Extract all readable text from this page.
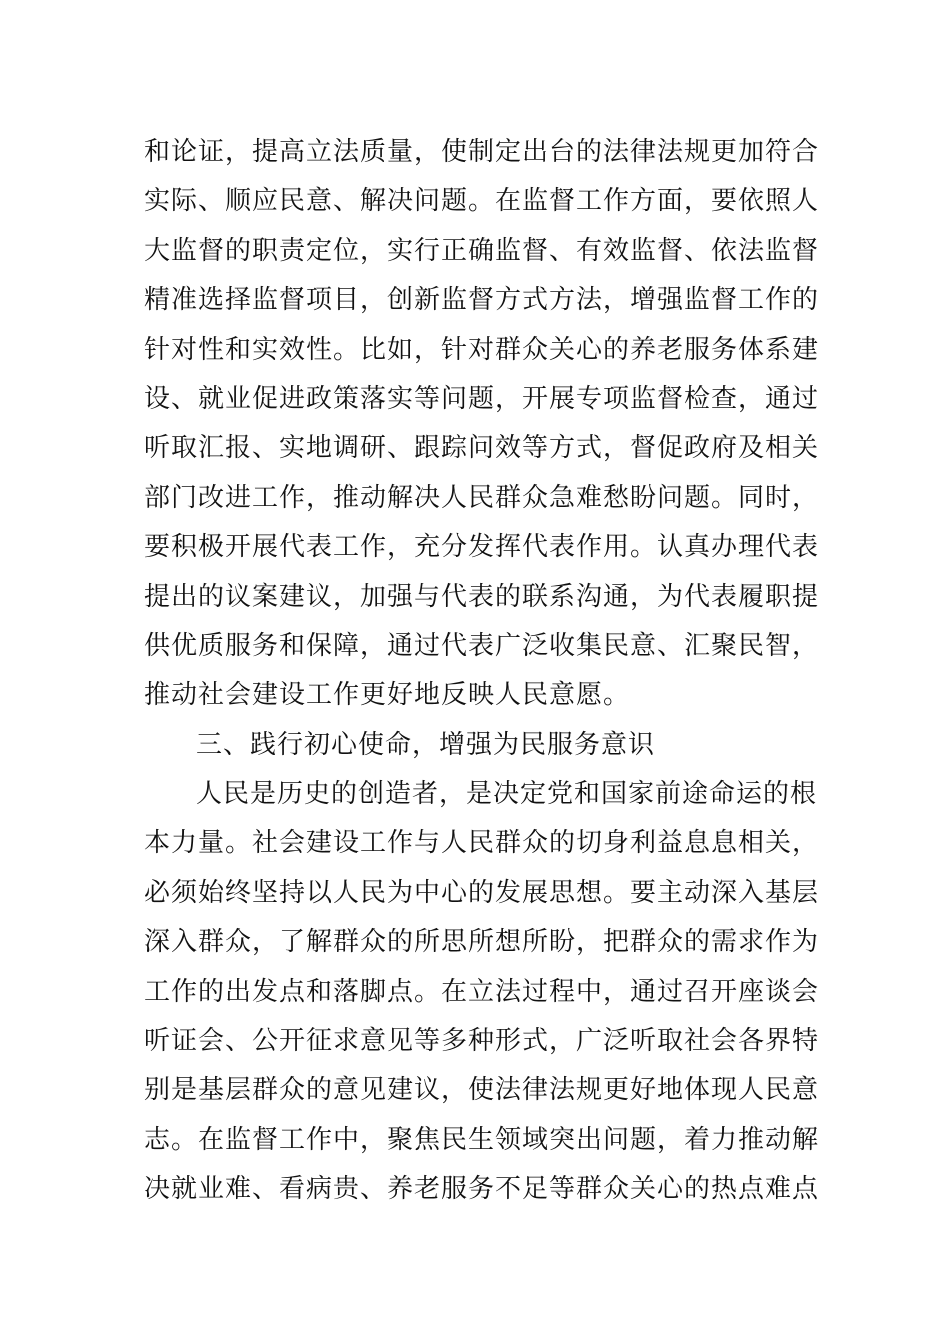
和论证，提高立法质量，使制定出台的法律法规更加符合
实际、顺应民意、解决问题。在监督工作方面，要依照人
大监督的职责定位，实行正确监督、有效监督、依法监督
精准选择监督项目，创新监督方式方法，增强监督工作的
针对性和实效性。比如，针对群众关心的养老服务体系建
设、就业促进政策落实等问题，开展专项监督检查，通过
听取汇报、实地调研、跟踪问效等方式，督促政府及相关
部门改进工作，推动解决人民群众急难愁盼问题。同时，
要积极开展代表工作，充分发挥代表作用。认真办理代表
提出的议案建议，加强与代表的联系沟通，为代表履职提
供优质服务和保障，通过代表广泛收集民意、汇聚民智，
推动社会建设工作更好地反映人民意愿。
三、践行初心使命，增强为民服务意识
人民是历史的创造者，是决定党和国家前途命运的根
本力量。社会建设工作与人民群众的切身利益息息相关，
必须始终坚持以人民为中心的发展思想。要主动深入基层
深入群众，了解群众的所思所想所盼，把群众的需求作为
工作的出发点和落脚点。在立法过程中，通过召开座谈会
听证会、公开征求意见等多种形式，广泛听取社会各界特
别是基层群众的意见建议，使法律法规更好地体现人民意
志。在监督工作中，聚焦民生领域突出问题，着力推动解
决就业难、看病贵、养老服务不足等群众关心的热点难点
